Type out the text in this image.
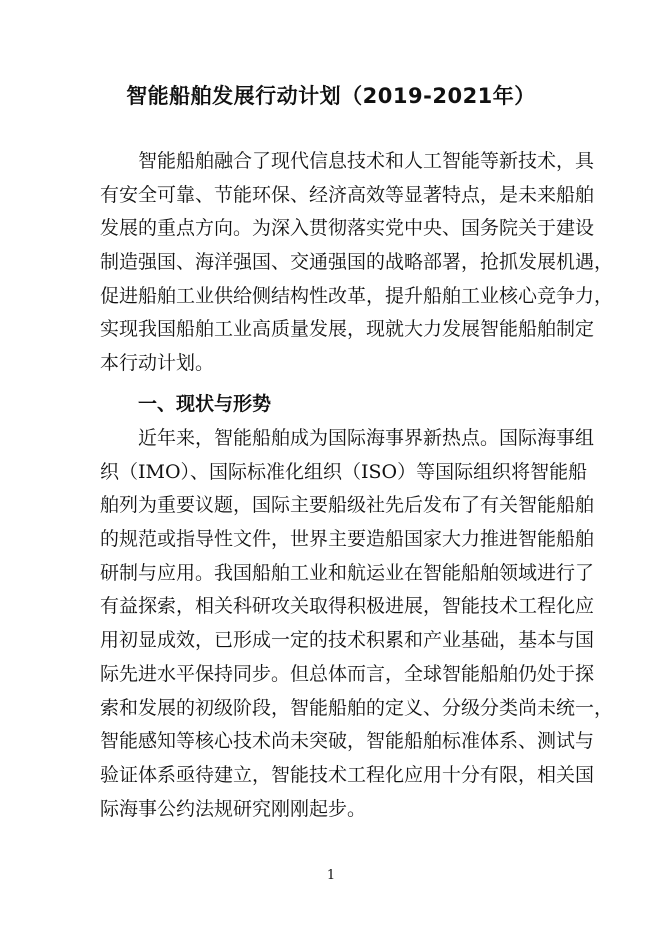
智能船舶发展行动计划（2019-2021年）
智能船舶融合了现代信息技术和人工智能等新技术，具
有安全可靠、节能环保、经济高效等显著特点，是未来船舶
发展的重点方向。为深入贯彻落实党中央、国务院关于建设
制造强国、海洋强国、交通强国的战略部署，抢抓发展机遇，
促进船舶工业供给侧结构性改革，提升船舶工业核心竞争力，
实现我国船舶工业高质量发展，现就大力发展智能船舶制定
本行动计划。
一、现状与形势
近年来，智能船舶成为国际海事界新热点。国际海事组
织（IMO）、国际标准化组织（ISO）等国际组织将智能船
舶列为重要议题，国际主要船级社先后发布了有关智能船舶
的规范或指导性文件，世界主要造船国家大力推进智能船舶
研制与应用。我国船舶工业和航运业在智能船舶领域进行了
有益探索，相关科研攻关取得积极进展，智能技术工程化应
用初显成效，已形成一定的技术积累和产业基础，基本与国
际先进水平保持同步。但总体而言，全球智能船舶仍处于探
索和发展的初级阶段，智能船舶的定义、分级分类尚未统一，
智能感知等核心技术尚未突破，智能船舶标准体系、测试与
验证体系亟待建立，智能技术工程化应用十分有限，相关国
际海事公约法规研究刚刚起步。
1
